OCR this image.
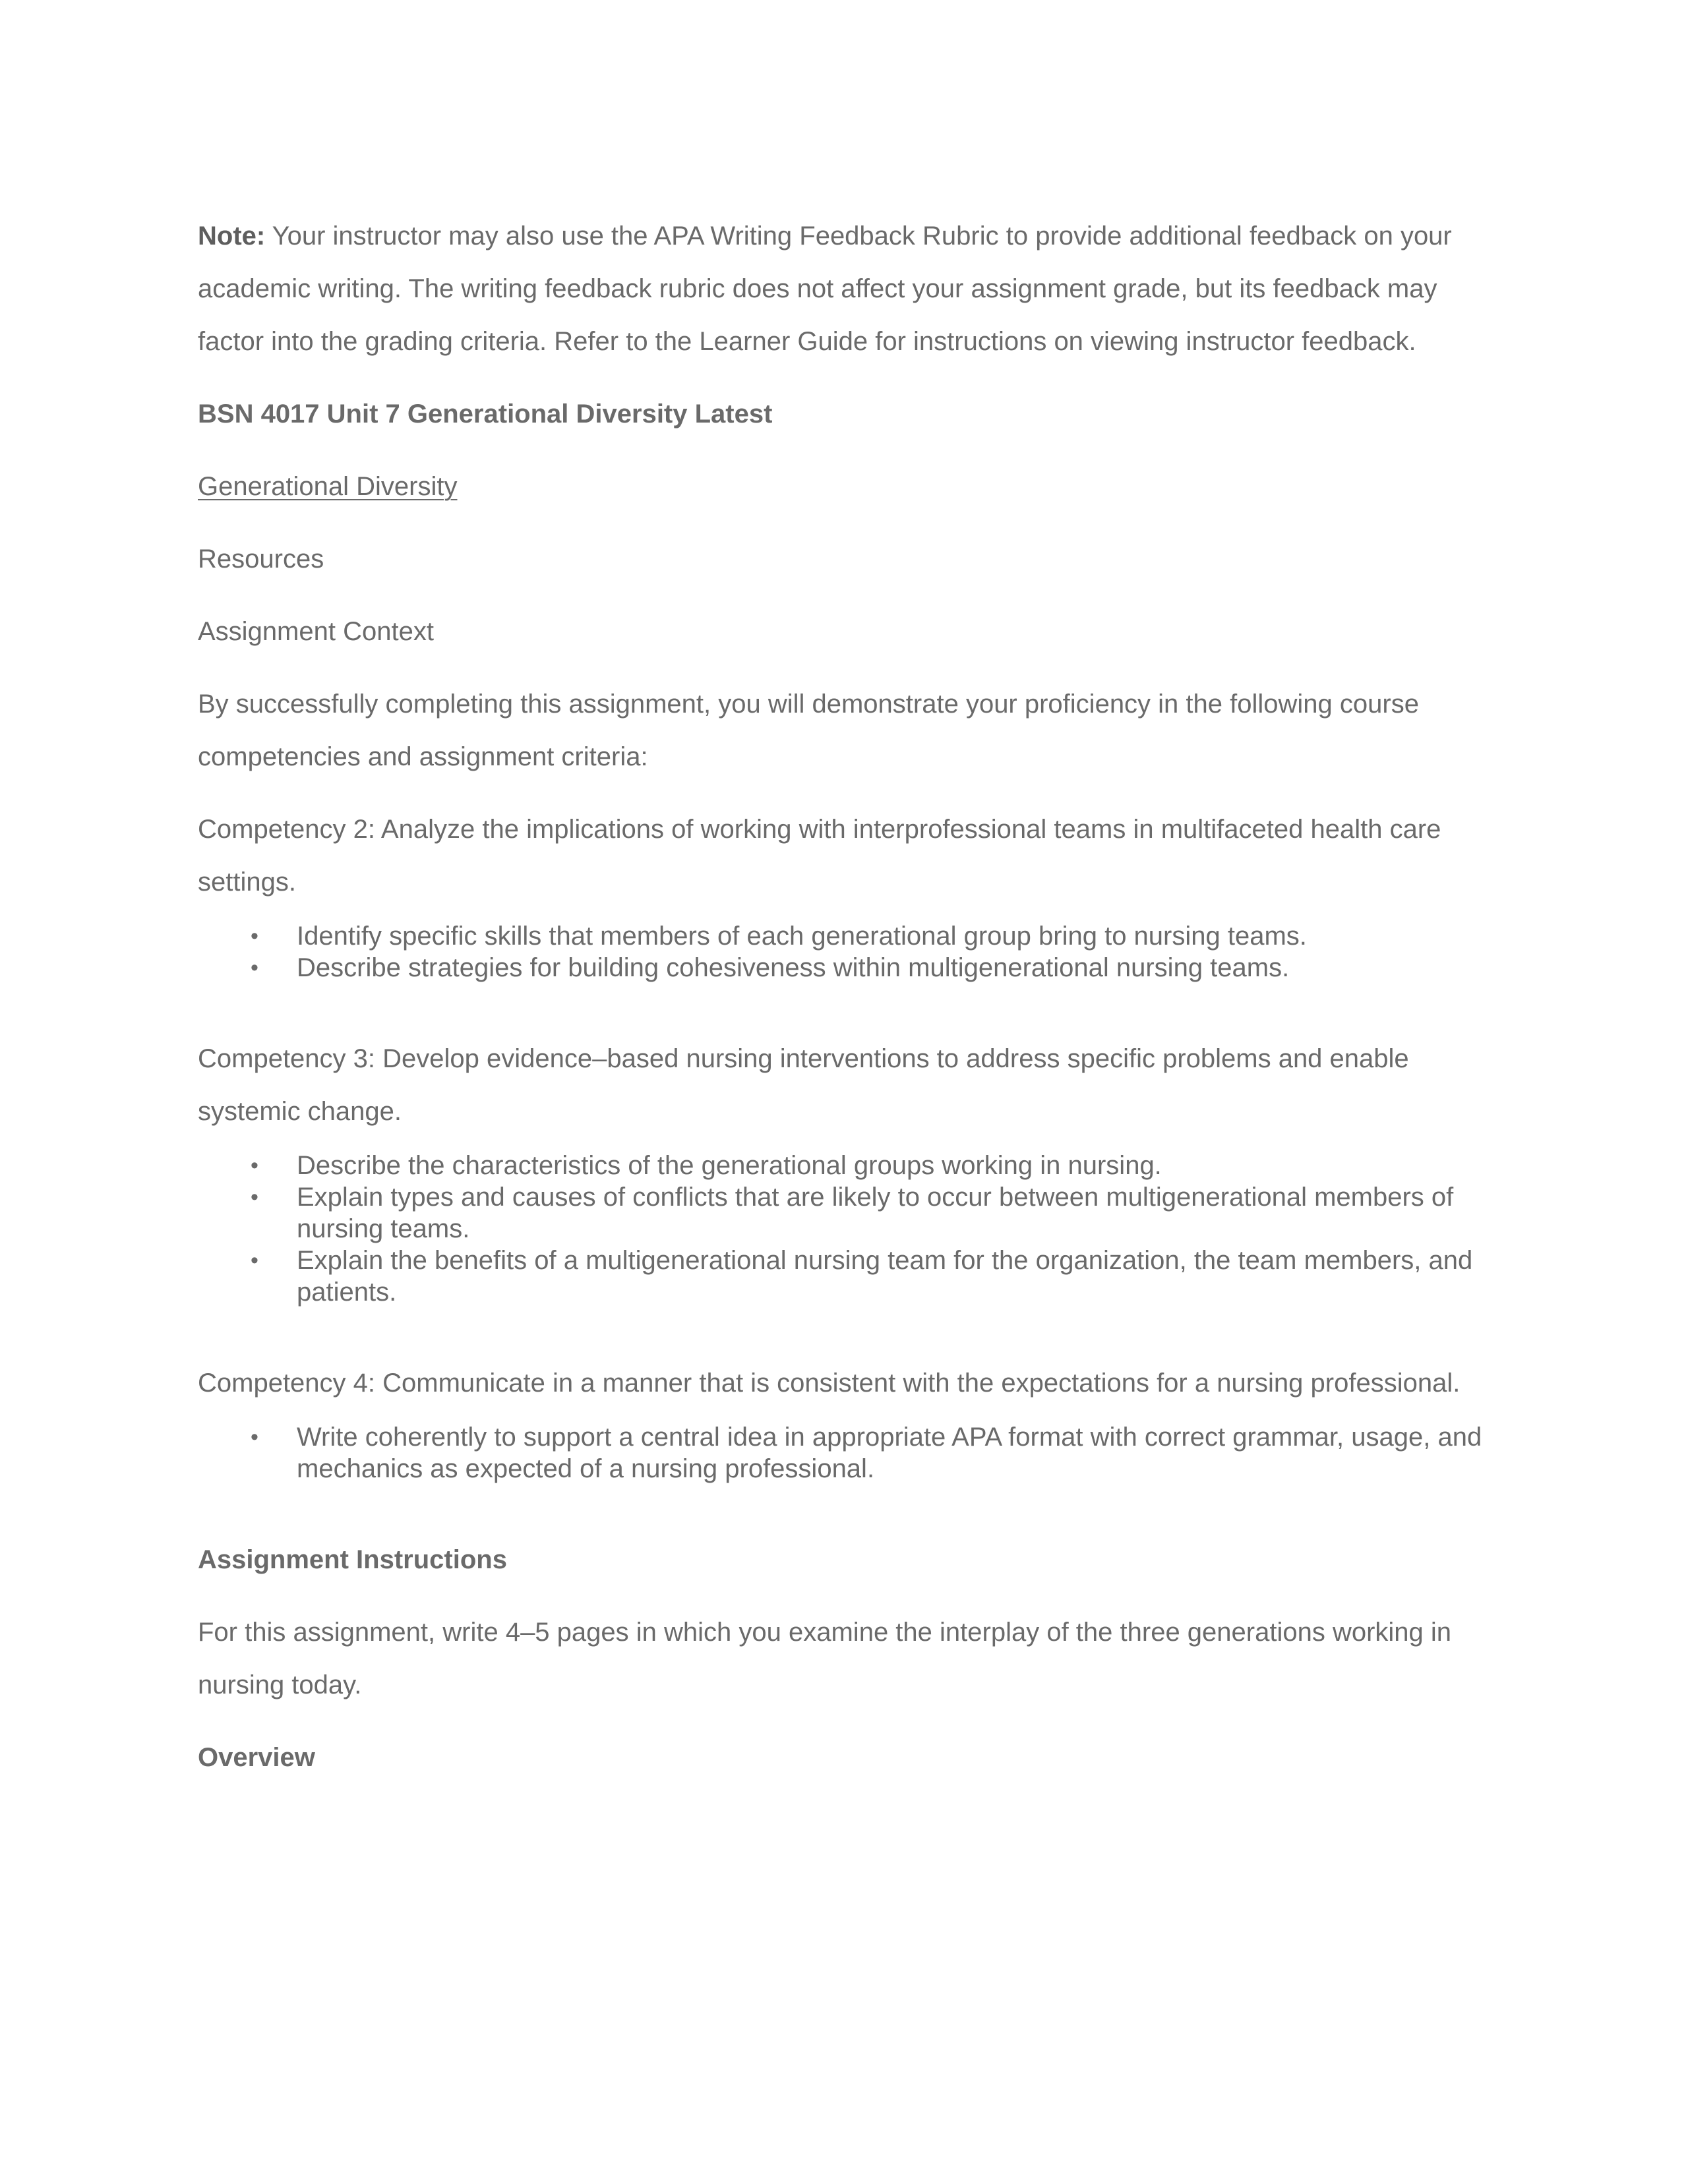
Note: Your instructor may also use the APA Writing Feedback Rubric to provide additional feedback on your academic writing. The writing feedback rubric does not affect your assignment grade, but its feedback may factor into the grading criteria. Refer to the Learner Guide for instructions on viewing instructor feedback.

BSN 4017 Unit 7 Generational Diversity Latest

Generational Diversity

Resources

Assignment Context

By successfully completing this assignment, you will demonstrate your proficiency in the following course competencies and assignment criteria:

Competency 2: Analyze the implications of working with interprofessional teams in multifaceted health care settings.

• Identify specific skills that members of each generational group bring to nursing teams.
• Describe strategies for building cohesiveness within multigenerational nursing teams.

Competency 3: Develop evidence–based nursing interventions to address specific problems and enable systemic change.

• Describe the characteristics of the generational groups working in nursing.
• Explain types and causes of conflicts that are likely to occur between multigenerational members of nursing teams.
• Explain the benefits of a multigenerational nursing team for the organization, the team members, and patients.

Competency 4: Communicate in a manner that is consistent with the expectations for a nursing professional.

• Write coherently to support a central idea in appropriate APA format with correct grammar, usage, and mechanics as expected of a nursing professional.

Assignment Instructions

For this assignment, write 4–5 pages in which you examine the interplay of the three generations working in nursing today.

Overview
